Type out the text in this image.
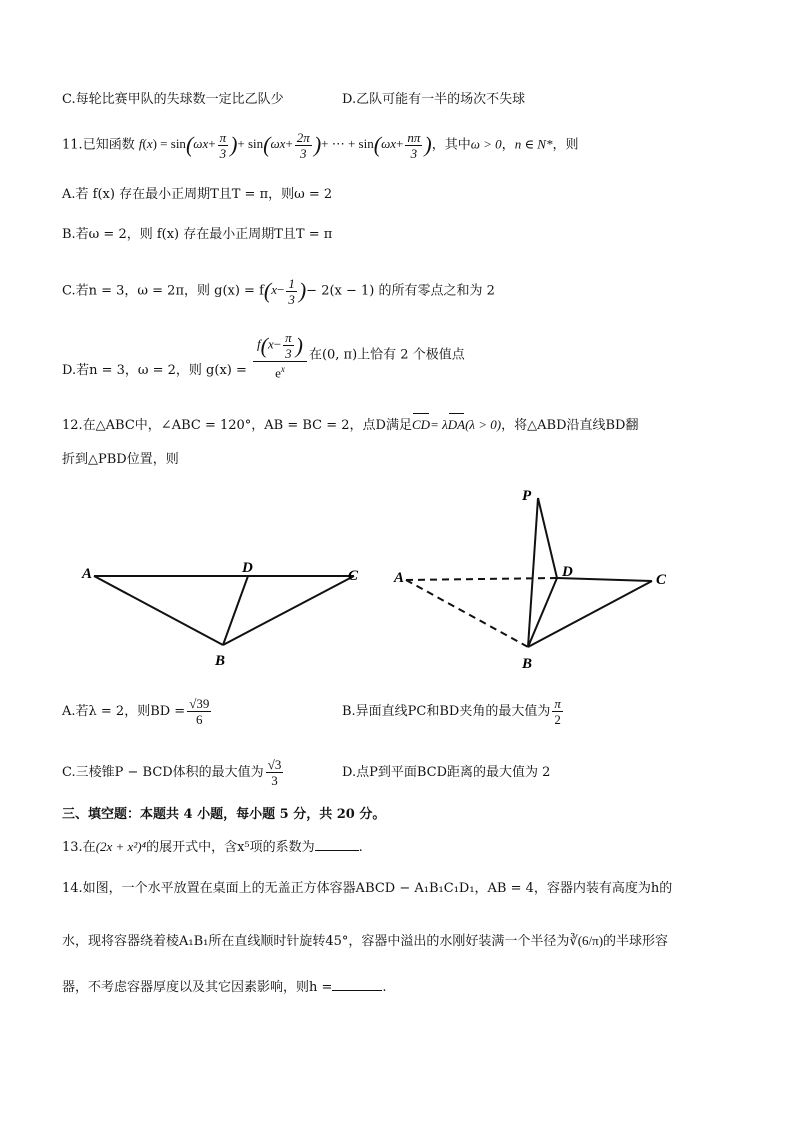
C.每轮比赛甲队的失球数一定比乙队少	D.乙队可能有一半的场次不失球
11.已知函数 $f(x) = \sin(\omega x+ \frac{\pi}{3}$ )+ $\sin(\omega x+ \frac{2\pi}{3}$ )+ ⋯ + $\sin(\omega x+ \frac{n\pi}{3}$ )，其中ω > 0，n ∈ N*，则
A.若 f(x) 存在最小正周期T且T = π，则ω = 2
B.若ω = 2，则 f(x) 存在最小正周期T且T = π
C.若n = 3，ω = 2π，则 $g(x) = f(x- \frac{1}{3}$ )− 2(x − 1) 的所有零点之和为 2
D.若n = 3，ω = 2，则 $g(x) = \frac{f(x- \frac{\pi}{3} )}{e^x}$ 在(0, π)上恰有 2 个极值点
12.在△ABC中，∠ABC = 120°，AB = BC = 2，点D满足CD= λDA(λ > 0)，将△ABD沿直线BD翻
折到△PBD位置，则
A	D	C
B
A	D	C
B
P
A.若λ = 2，则BD = $\frac{√39}{6}$	B.异面直线PC和BD夹角的最大值为 $\frac{\pi}{2}$
C.三棱锥P − BCD体积的最大值为 $\frac{√3}{3}$	D.点P到平面BCD距离的最大值为 2
三、填空题：本题共 4 小题，每小题 5 分，共 20 分。
13.在(2x + x²)⁴的展开式中，含x⁵项的系数为	.
14.如图，一个水平放置在桌面上的无盖正方体容器ABCD − A₁B₁C₁D₁，AB = 4，容器内装有高度为h的
水，现将容器绕着棱A₁B₁所在直线顺时针旋转45°，容器中溢出的水刚好装满一个半径为∛(6/π)的半球形容
器，不考虑容器厚度以及其它因素影响，则h =	.
